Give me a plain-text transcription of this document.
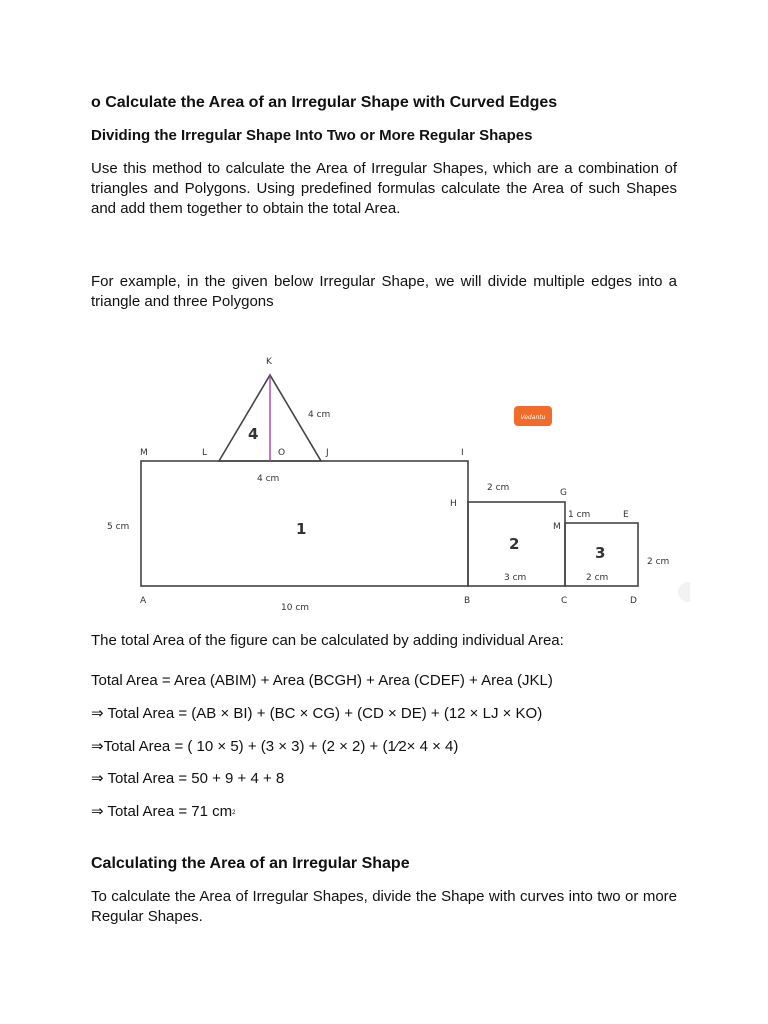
o Calculate the Area of an Irregular Shape with Curved Edges
Dividing the Irregular Shape Into Two or More Regular Shapes
Use this method to calculate the Area of Irregular Shapes, which are a combination of triangles and Polygons. Using predefined formulas calculate the Area of such Shapes and add them together to obtain the total Area.
For example, in the given below Irregular Shape, we will divide multiple edges into a triangle and three Polygons
K
M	L	O	J	I
H
G
M
E
A	B	C	D
4 cm
4 cm
5 cm
10 cm
2 cm
3 cm
1 cm
2 cm
2 cm
1
2	3
4
Vedantu
The total Area of the figure can be calculated by adding individual Area:
Total Area = Area (ABIM) + Area (BCGH) + Area (CDEF) + Area (JKL)
⇒ Total Area = (AB × BI) + (BC × CG) + (CD × DE) + (12 × LJ × KO)
⇒Total Area = ( 10 × 5) + (3 × 3) + (2 × 2) + (1⁄2× 4 × 4)
⇒ Total Area = 50 + 9 + 4 + 8
⇒ Total Area = 71 $cm^2$
Calculating the Area of an Irregular Shape
To calculate the Area of Irregular Shapes, divide the Shape with curves into two or more Regular Shapes.
